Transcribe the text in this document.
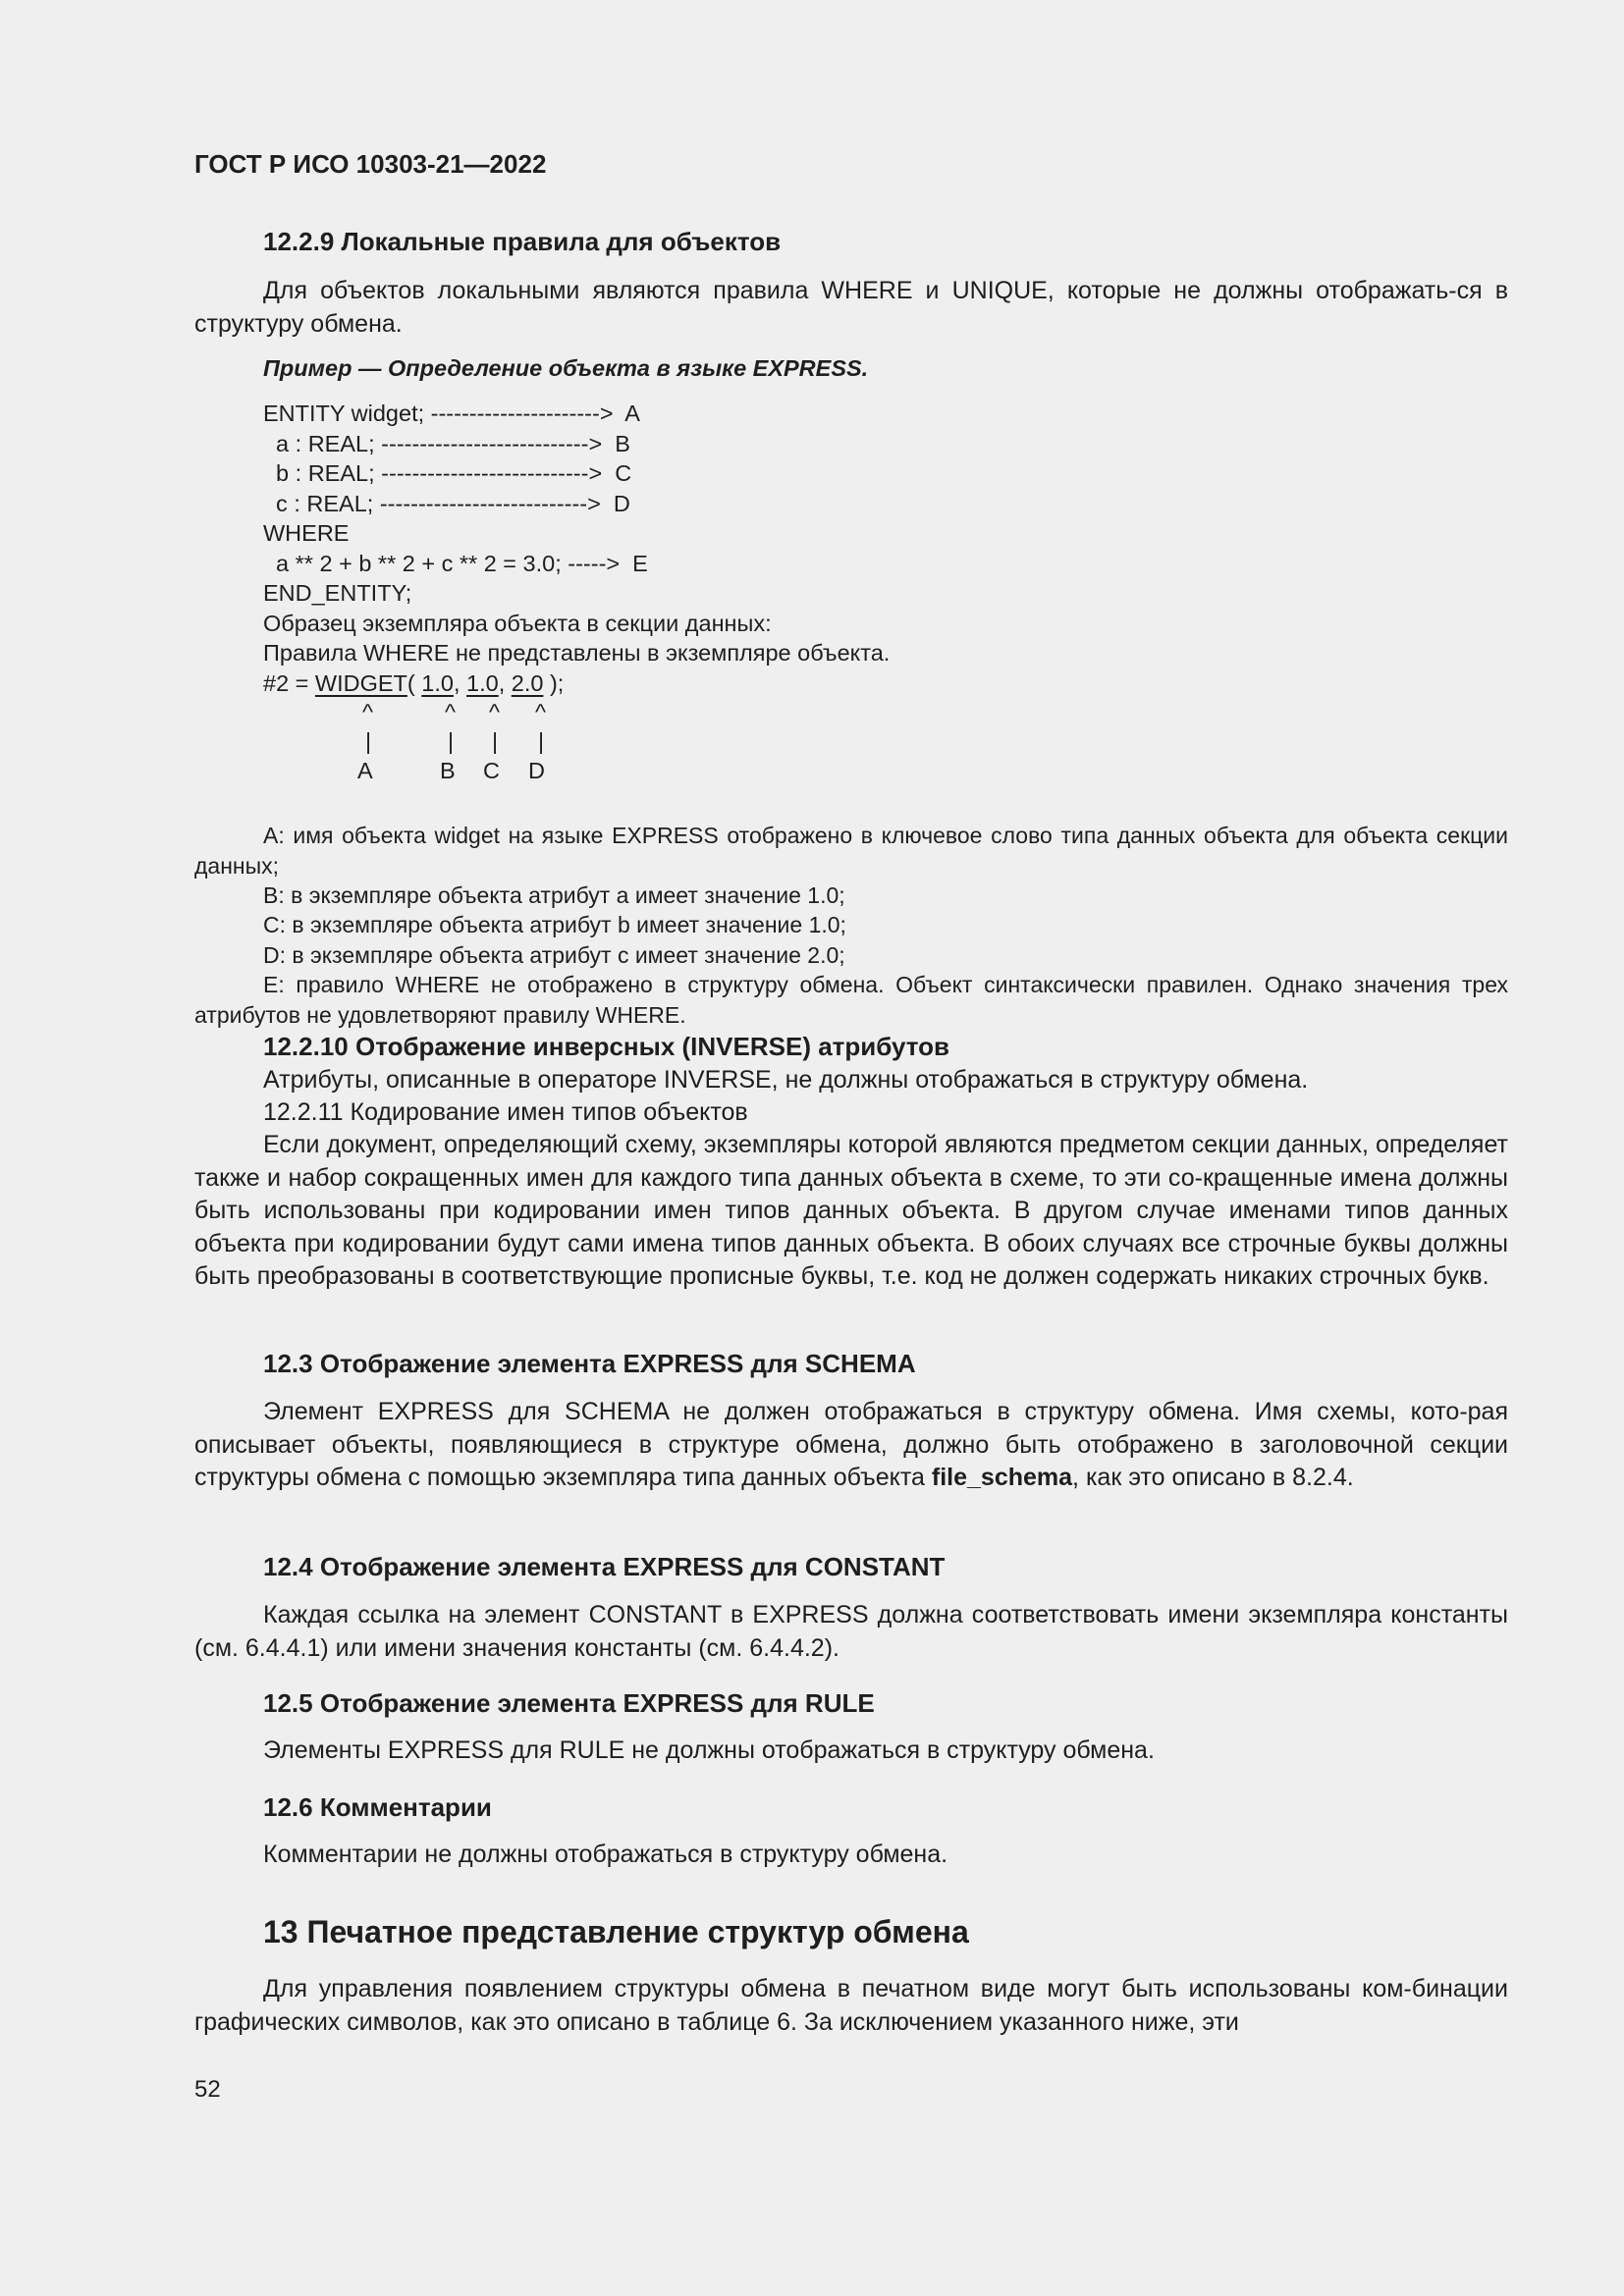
ГОСТ Р ИСО 10303-21—2022
12.2.9 Локальные правила для объектов

Для объектов локальными являются правила WHERE и UNIQUE, которые не должны отображать-ся в структуру обмена.

Пример — Определение объекта в языке EXPRESS.
ENTITY widget; ---------------------->  A
a : REAL; --------------------------->  B
b : REAL; --------------------------->  C
c : REAL; --------------------------->  D
WHERE
a ** 2 + b ** 2 + c ** 2 = 3.0; ----->  E
END_ENTITY;
Образец экземпляра объекта в секции данных:
Правила WHERE не представлены в экземпляре объекта.
#2 = WIDGET( 1.0, 1.0, 2.0 );
^	^ ^ ^
|	| | |
A	B C D

A: имя объекта widget на языке EXPRESS отображено в ключевое слово типа данных объекта для объекта секции данных;

B: в экземпляре объекта атрибут a имеет значение 1.0;
C: в экземпляре объекта атрибут b имеет значение 1.0;
D: в экземпляре объекта атрибут c имеет значение 2.0;

E: правило WHERE не отображено в структуру обмена. Объект синтаксически правилен. Однако значения трех атрибутов не удовлетворяют правилу WHERE.

12.2.10 Отображение инверсных (INVERSE) атрибутов
Атрибуты, описанные в операторе INVERSE, не должны отображаться в структуру обмена.
12.2.11 Кодирование имен типов объектов

Если документ, определяющий схему, экземпляры которой являются предметом секции данных, определяет также и набор сокращенных имен для каждого типа данных объекта в схеме, то эти со-кращенные имена должны быть использованы при кодировании имен типов данных объекта. В другом случае именами типов данных объекта при кодировании будут сами имена типов данных объекта. В обоих случаях все строчные буквы должны быть преобразованы в соответствующие прописные буквы, т.е. код не должен содержать никаких строчных букв.

12.3 Отображение элемента EXPRESS для SCHEMA

Элемент EXPRESS для SCHEMA не должен отображаться в структуру обмена. Имя схемы, кото-рая описывает объекты, появляющиеся в структуре обмена, должно быть отображено в заголовочной секции структуры обмена с помощью экземпляра типа данных объекта file_schema, как это описано в 8.2.4.

12.4 Отображение элемента EXPRESS для CONSTANT

Каждая ссылка на элемент CONSTANT в EXPRESS должна соответствовать имени экземпляра константы (см. 6.4.4.1) или имени значения константы (см. 6.4.4.2).

12.5 Отображение элемента EXPRESS для RULE
Элементы EXPRESS для RULE не должны отображаться в структуру обмена.
12.6 Комментарии
Комментарии не должны отображаться в структуру обмена.
13 Печатное представление структур обмена

Для управления появлением структуры обмена в печатном виде могут быть использованы ком-бинации графических символов, как это описано в таблице 6. За исключением указанного ниже, эти

52
